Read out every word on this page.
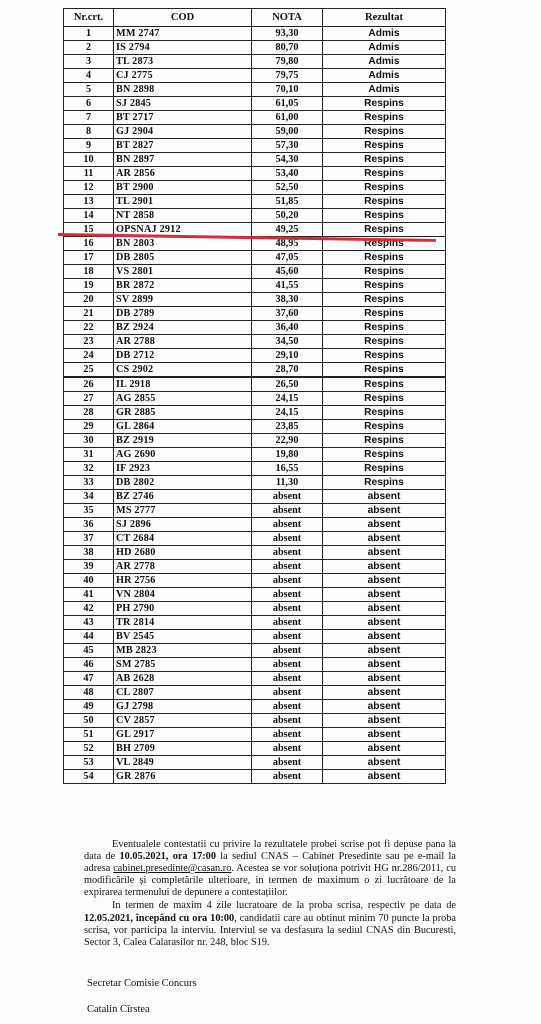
Nr.crt.	COD	NOTA	Rezultat
1	MM 2747	93,30	Admis
2	IS 2794	80,70	Admis
3	TL 2873	79,80	Admis
4	CJ 2775	79,75	Admis
5	BN 2898	70,10	Admis
6	SJ 2845	61,05	Respins
7	BT 2717	61,00	Respins
8	GJ 2904	59,00	Respins
9	BT 2827	57,30	Respins
10	BN 2897	54,30	Respins
11	AR 2856	53,40	Respins
12	BT 2900	52,50	Respins
13	TL 2901	51,85	Respins
14	NT 2858	50,20	Respins
15	OPSNAJ 2912	49,25	Respins
16	BN 2803	48,95	Respins
17	DB 2805	47,05	Respins
18	VS 2801	45,60	Respins
19	BR 2872	41,55	Respins
20	SV 2899	38,30	Respins
21	DB 2789	37,60	Respins
22	BZ 2924	36,40	Respins
23	AR 2788	34,50	Respins
24	DB 2712	29,10	Respins
25	CS 2902	28,70	Respins
26	IL 2918	26,50	Respins
27	AG 2855	24,15	Respins
28	GR 2885	24,15	Respins
29	GL 2864	23,85	Respins
30	BZ 2919	22,90	Respins
31	AG 2690	19,80	Respins
32	IF 2923	16,55	Respins
33	DB 2802	11,30	Respins
34	BZ 2746	absent	absent
35	MS 2777	absent	absent
36	SJ 2896	absent	absent
37	CT 2684	absent	absent
38	HD 2680	absent	absent
39	AR 2778	absent	absent
40	HR 2756	absent	absent
41	VN 2804	absent	absent
42	PH 2790	absent	absent
43	TR 2814	absent	absent
44	BV 2545	absent	absent
45	MB 2823	absent	absent
46	SM 2785	absent	absent
47	AB 2628	absent	absent
48	CL 2807	absent	absent
49	GJ 2798	absent	absent
50	CV 2857	absent	absent
51	GL 2917	absent	absent
52	BH 2709	absent	absent
53	VL 2849	absent	absent
54	GR 2876	absent	absent

Eventualele contestatii cu privire la rezultatele probei scrise pot fi depuse pana la data de 10.05.2021, ora 17:00 la sediul CNAS – Cabinet Presedinte sau pe e-mail la adresa cabinet.presedinte@casan.ro. Acestea se vor soluționa potrivit HG nr.286/2011, cu modificările și completările ulterioare, in termen de maximum o zi lucrătoare de la expirarea termenului de depunere a contestațiilor.

In termen de maxim 4 zile lucratoare de la proba scrisa, respectiv pe data de 12.05.2021, începând cu ora 10:00, candidatii care au obtinut minim 70 puncte la proba scrisa, vor participa la interviu. Interviul se va desfasura la sediul CNAS din Bucuresti, Sector 3, Calea Calarasilor nr. 248, bloc S19.

Secretar Comisie Concurs
Catalin Cîrstea
